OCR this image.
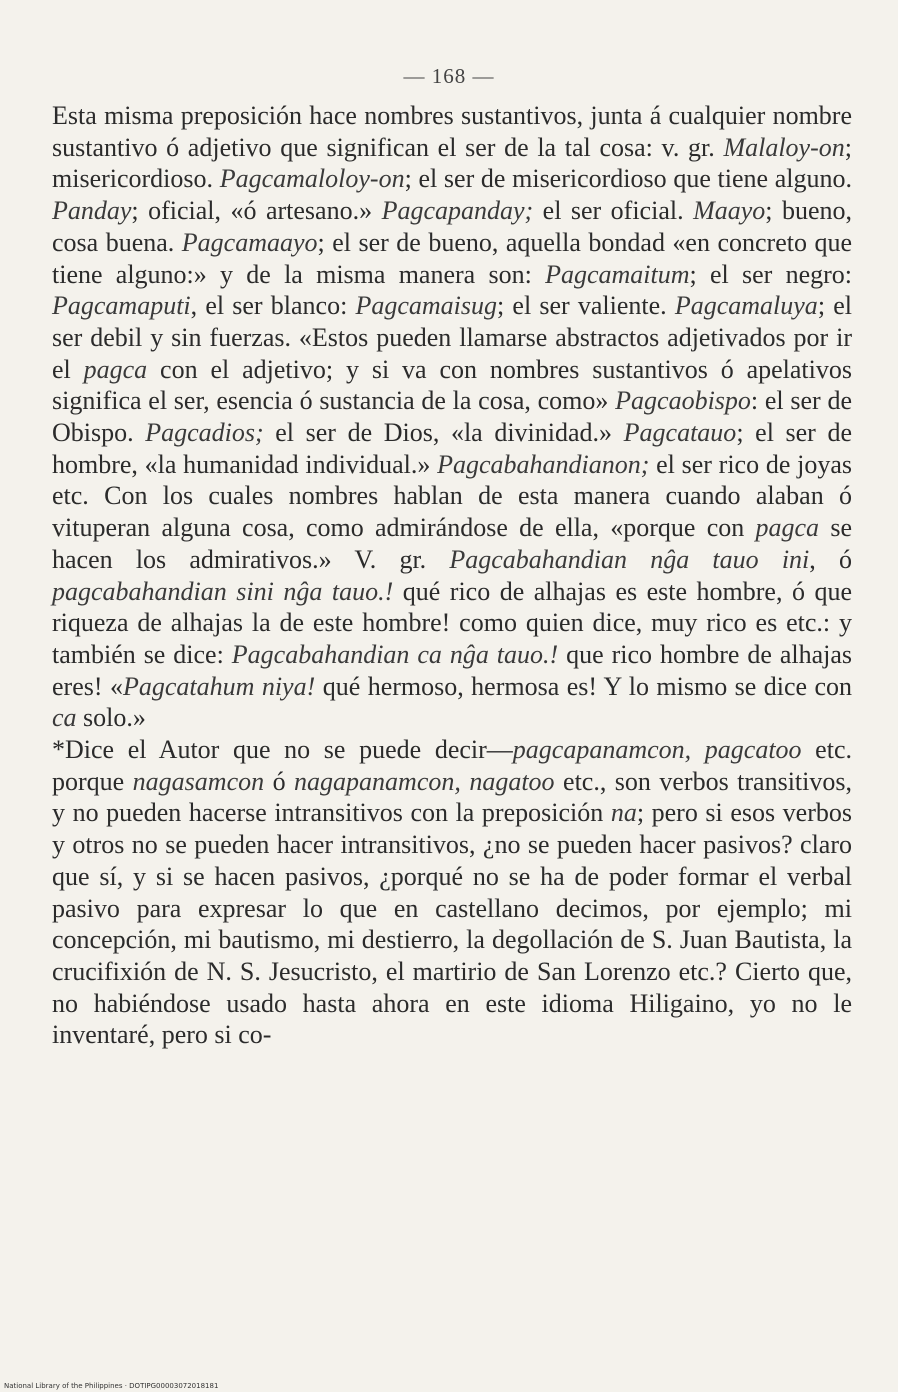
— 168 —

Esta misma preposición hace nombres sustantivos, junta á cualquier nombre sustantivo ó adjetivo que significan el ser de la tal cosa: v. gr. Malaloy-on; misericordioso. Pagcamaloloy-on; el ser de misericordioso que tiene alguno. Panday; oficial, «ó artesano.» Pagcapanday; el ser oficial. Maayo; bueno, cosa buena. Pagcamaayo; el ser de bueno, aquella bondad «en concreto que tiene alguno:» y de la misma manera son: Pagcamaitum; el ser negro: Pagcamaputi, el ser blanco: Pagcamaisug; el ser valiente. Pagcamaluya; el ser debil y sin fuerzas. «Estos pueden llamarse abstractos adjetivados por ir el pagca con el adjetivo; y si va con nombres sustantivos ó apelativos significa el ser, esencia ó sustancia de la cosa, como» Pagcaobispo: el ser de Obispo. Pagcadios; el ser de Dios, «la divinidad.» Pagcatauo; el ser de hombre, «la humanidad individual.» Pagcabahandianon; el ser rico de joyas etc. Con los cuales nombres hablan de esta manera cuando alaban ó vituperan alguna cosa, como admirándose de ella, «porque con pagca se hacen los admirativos.» V. gr. Pagcabahandian nĝa tauo ini, ó pagcabahandian sini nĝa tauo.! qué rico de alhajas es este hombre, ó que riqueza de alhajas la de este hombre! como quien dice, muy rico es etc.: y también se dice: Pagcabahandian ca nĝa tauo.! que rico hombre de alhajas eres! «Pagcatahum niya! qué hermoso, hermosa es! Y lo mismo se dice con ca solo.»

*Dice el Autor que no se puede decir—pagcapanamcon, pagcatoo etc. porque nagasamcon ó nagapanamcon, nagatoo etc., son verbos transitivos, y no pueden hacerse intransitivos con la preposición na; pero si esos verbos y otros no se pueden hacer intransitivos, ¿no se pueden hacer pasivos? claro que sí, y si se hacen pasivos, ¿porqué no se ha de poder formar el verbal pasivo para expresar lo que en castellano decimos, por ejemplo; mi concepción, mi bautismo, mi destierro, la degollación de S. Juan Bautista, la crucifixión de N. S. Jesucristo, el martirio de San Lorenzo etc.? Cierto que, no habiéndose usado hasta ahora en este idioma Hiligaino, yo no le inventaré, pero si co-

National Library of the Philippines · DOTIPG00003072018181
